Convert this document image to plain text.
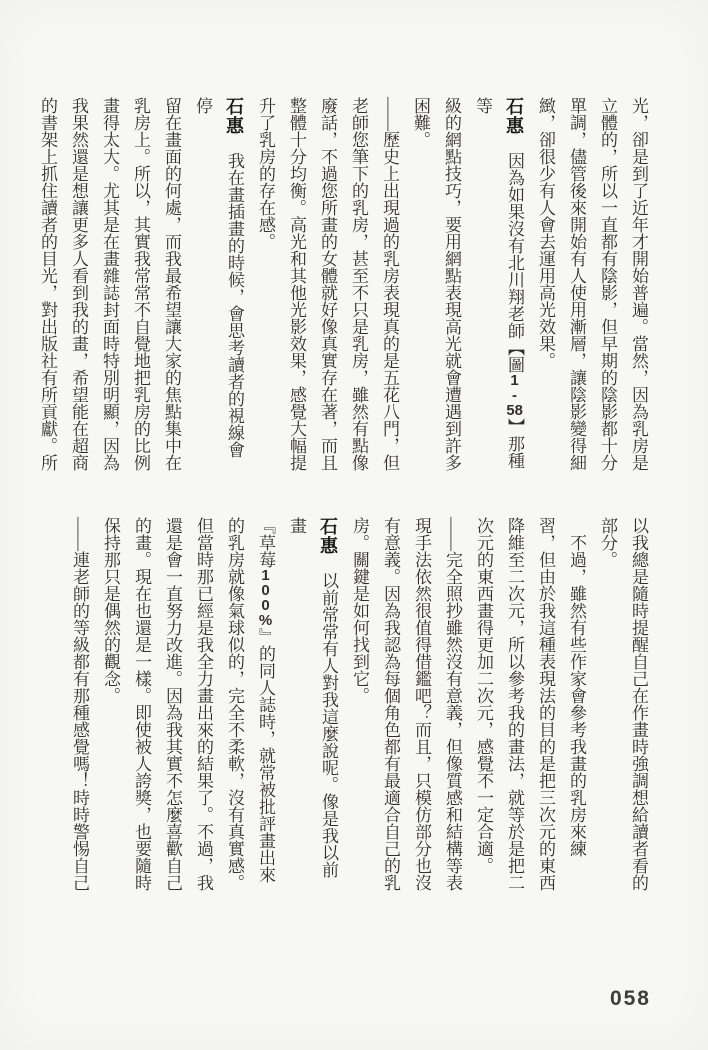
光，卻是到了近年才開始普遍。當然，因為乳房是
立體的，所以一直都有陰影，但早期的陰影都十分
單調，儘管後來開始有人使用漸層，讓陰影變得細
緻，卻很少有人會去運用高光效果。
石惠　因為如果沒有北川翔老師【圖1-58】那種等
級的網點技巧，要用網點表現高光就會遭遇到許多
困難。
——歷史上出現過的乳房表現真的是五花八門，但
老師您筆下的乳房，甚至不只是乳房，雖然有點像
廢話，不過您所畫的女體就好像真實存在著，而且
整體十分均衡。高光和其他光影效果，感覺大幅提
升了乳房的存在感。
石惠　我在畫插畫的時候，會思考讀者的視線會停
留在畫面的何處，而我最希望讓大家的焦點集中在
乳房上。所以，其實我常常不自覺地把乳房的比例
畫得太大。尤其是在畫雜誌封面時特別明顯，因為
我果然還是想讓更多人看到我的畫，希望能在超商
的書架上抓住讀者的目光，對出版社有所貢獻。所
以我總是隨時提醒自己在作畫時強調想給讀者看的
部分。
　不過，雖然有些作家會參考我畫的乳房來練
習，但由於我這種表現法的目的是把三次元的東西
降維至二次元，所以參考我的畫法，就等於是把二
次元的東西畫得更加二次元，感覺不一定合適。
——完全照抄雖然沒有意義，但像質感和結構等表
現手法依然很值得借鑑吧？而且，只模仿部分也沒
有意義。因為我認為每個角色都有最適合自己的乳
房。關鍵是如何找到它。
石惠　以前常常有人對我這麼說呢。像是我以前畫
『草莓100%』的同人誌時，就常被批評畫出來
的乳房就像氣球似的，完全不柔軟，沒有真實感。
但當時那已經是我全力畫出來的結果了。不過，我
還是會一直努力改進。因為我其實不怎麼喜歡自己
的畫。現在也還是一樣。即使被人誇獎，也要隨時
保持那只是偶然的觀念。
——連老師的等級都有那種感覺嗎！時時警惕自己
058
